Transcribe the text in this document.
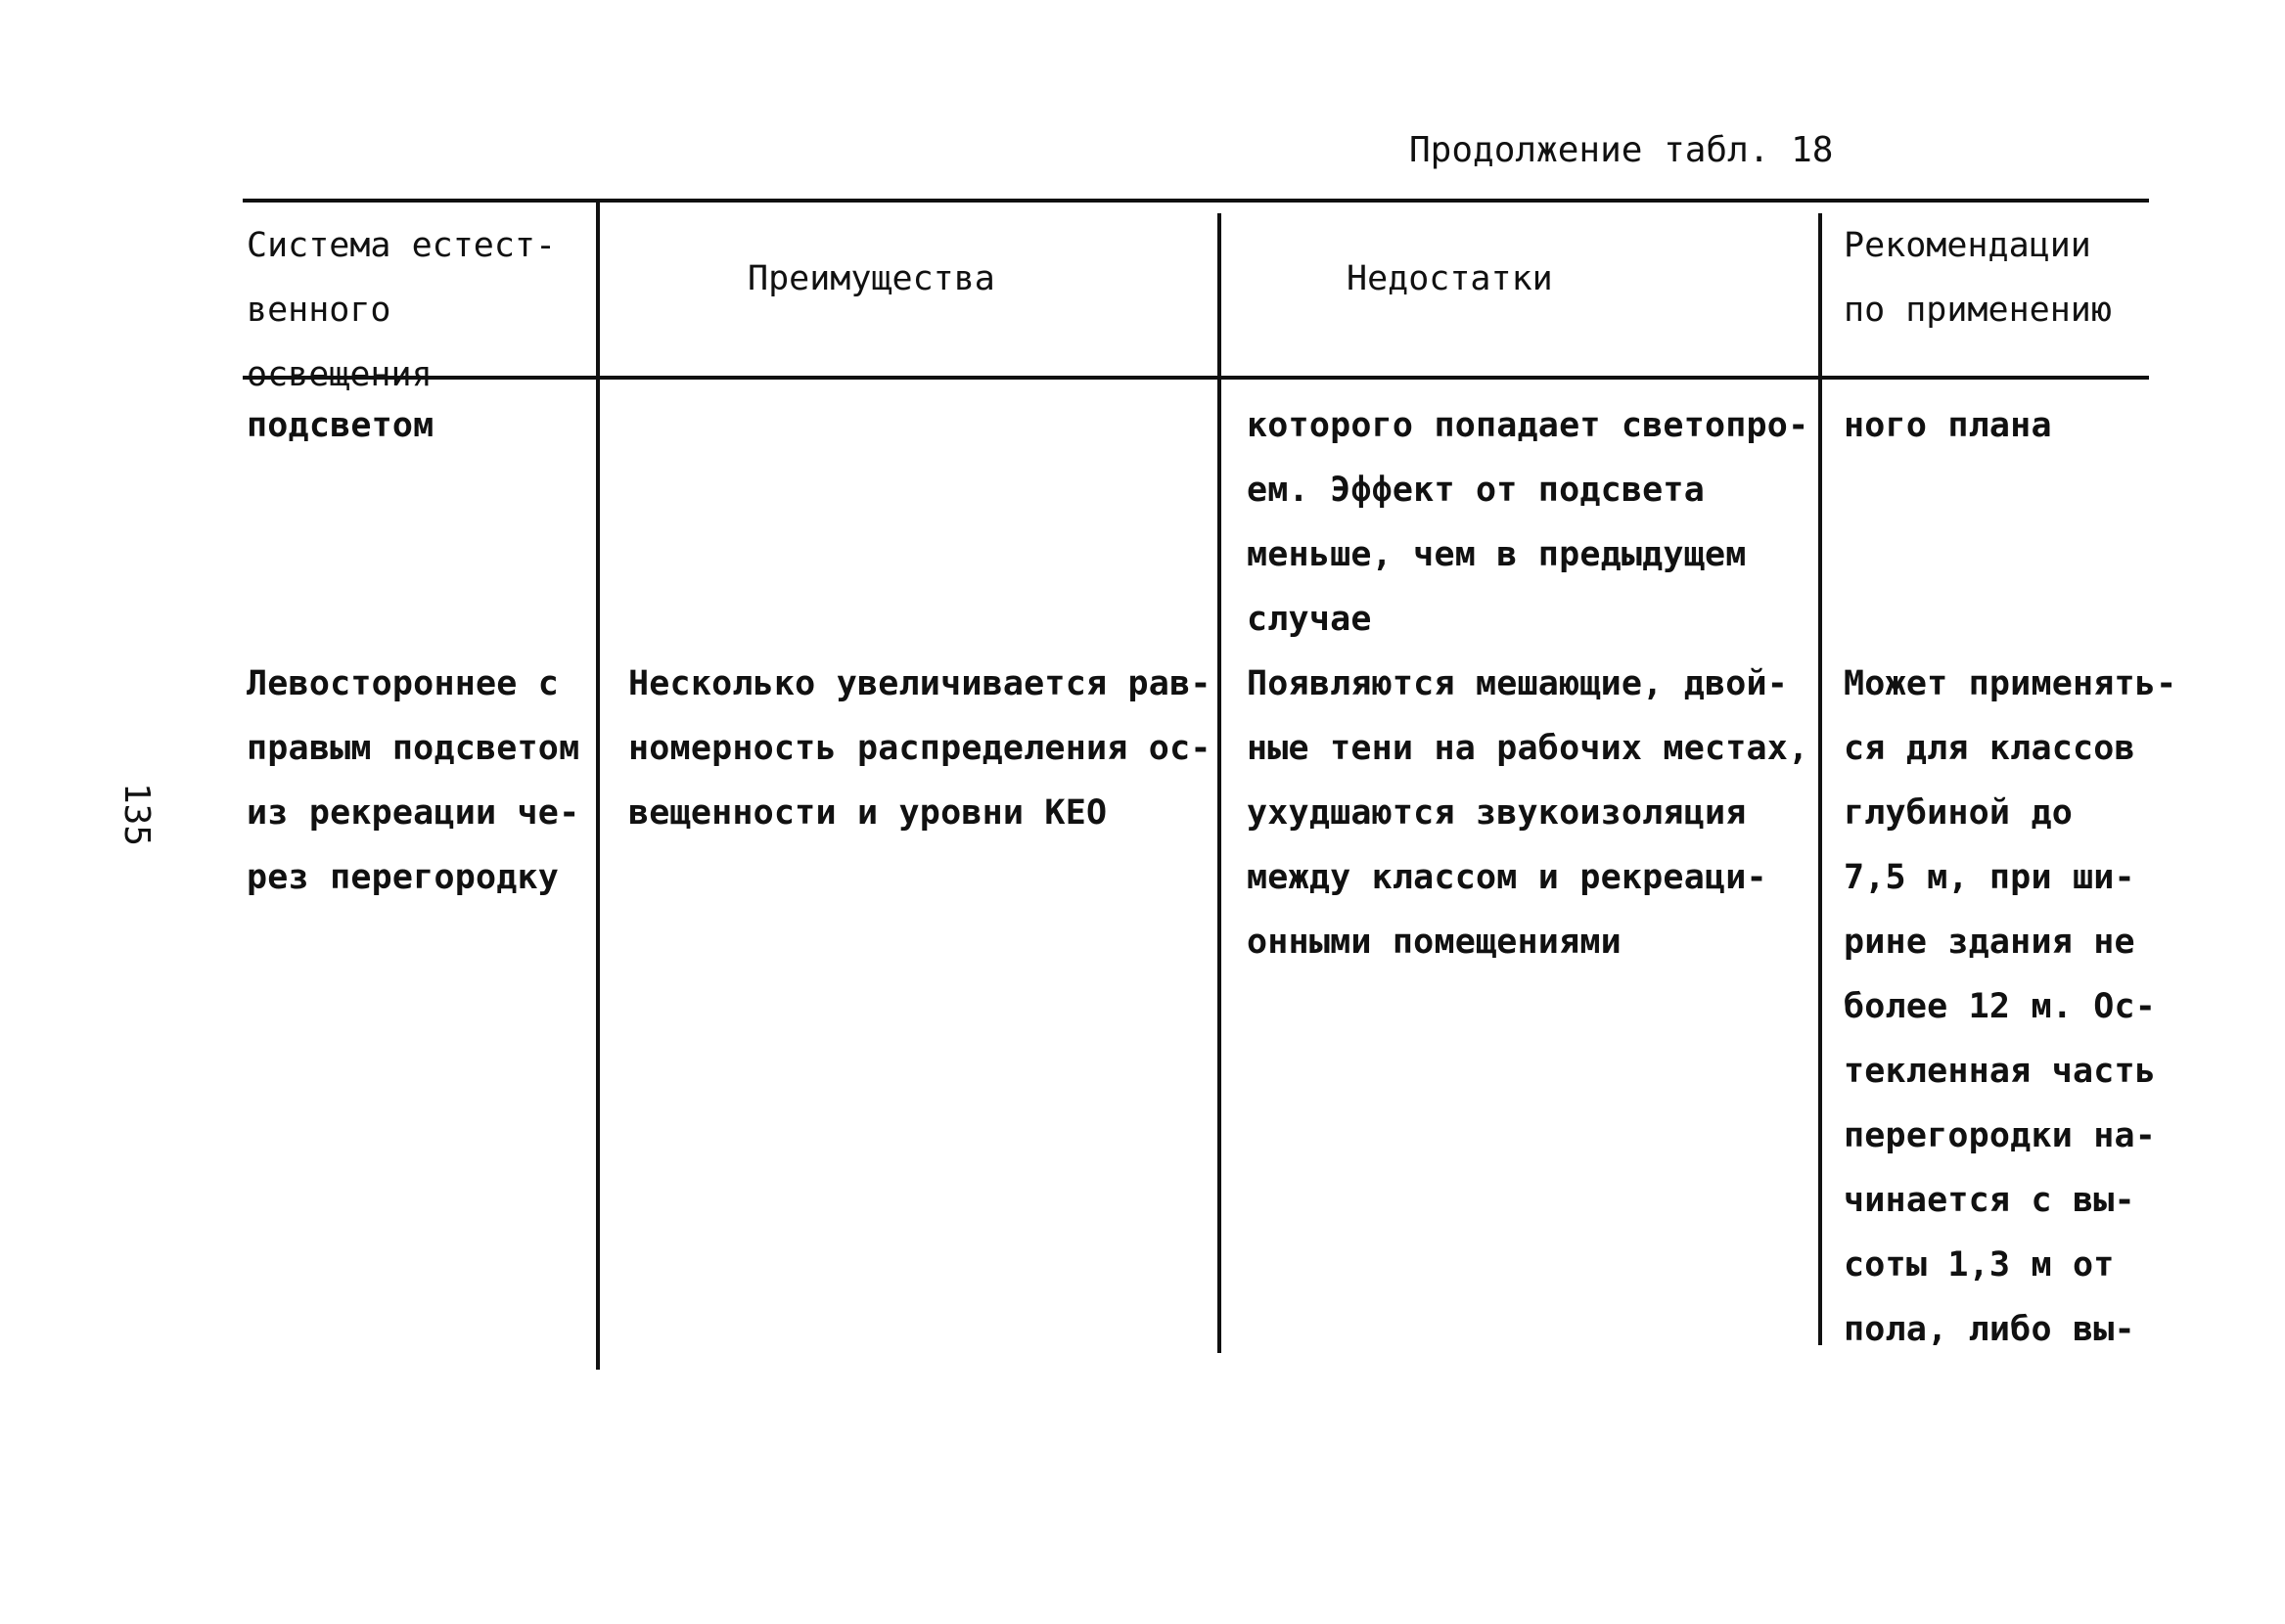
Продолжение табл. 18
135
Система естест-
венного освещения
Преимущества	Недостатки
Рекомендации
по применению
подсветом	которого попадает светопро-
ем. Эффект от подсвета
меньше, чем в предыдущем
случае
ного плана
Левостороннее с
правым подсветом
из рекреации че-
рез перегородку
Несколько увеличивается рав-
номерность распределения ос-
вещенности и уровни КЕО
Появляются мешающие, двой-
ные тени на рабочих местах,
ухудшаются звукоизоляция
между классом и рекреаци-
онными помещениями
Может применять-
ся для классов
глубиной до
7,5 м, при ши-
рине здания не
более 12 м. Ос-
текленная часть
перегородки на-
чинается с вы-
соты 1,3 м от
пола, либо вы-
